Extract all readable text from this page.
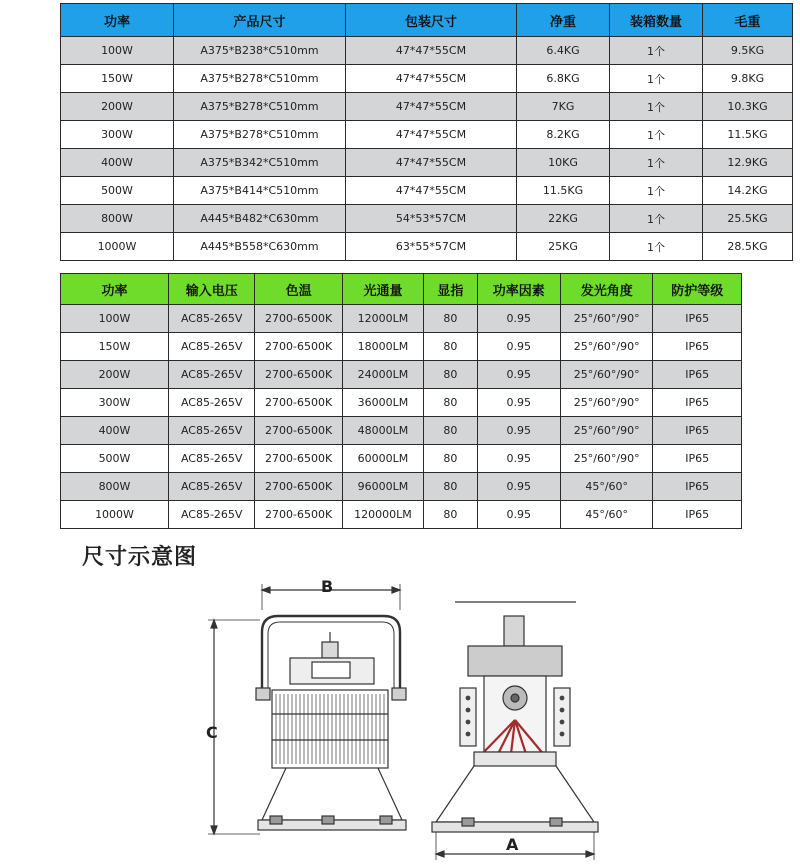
功率	产品尺寸	包装尺寸	净重	装箱数量	毛重
100W	A375*B238*C510mm	47*47*55CM	6.4KG	1个	9.5KG
150W	A375*B278*C510mm	47*47*55CM	6.8KG	1个	9.8KG
200W	A375*B278*C510mm	47*47*55CM	7KG	1个	10.3KG
300W	A375*B278*C510mm	47*47*55CM	8.2KG	1个	11.5KG
400W	A375*B342*C510mm	47*47*55CM	10KG	1个	12.9KG
500W	A375*B414*C510mm	47*47*55CM	11.5KG	1个	14.2KG
800W	A445*B482*C630mm	54*53*57CM	22KG	1个	25.5KG
1000W	A445*B558*C630mm	63*55*57CM	25KG	1个	28.5KG
功率	输入电压	色温	光通量	显指	功率因素	发光角度	防护等级
100W	AC85-265V	2700-6500K	12000LM	80	0.95	25°/60°/90°	IP65
150W	AC85-265V	2700-6500K	18000LM	80	0.95	25°/60°/90°	IP65
200W	AC85-265V	2700-6500K	24000LM	80	0.95	25°/60°/90°	IP65
300W	AC85-265V	2700-6500K	36000LM	80	0.95	25°/60°/90°	IP65
400W	AC85-265V	2700-6500K	48000LM	80	0.95	25°/60°/90°	IP65
500W	AC85-265V	2700-6500K	60000LM	80	0.95	25°/60°/90°	IP65
800W	AC85-265V	2700-6500K	96000LM	80	0.95	45°/60°	IP65
1000W	AC85-265V	2700-6500K	120000LM	80	0.95	45°/60°	IP65
尺寸示意图
B
C
A
